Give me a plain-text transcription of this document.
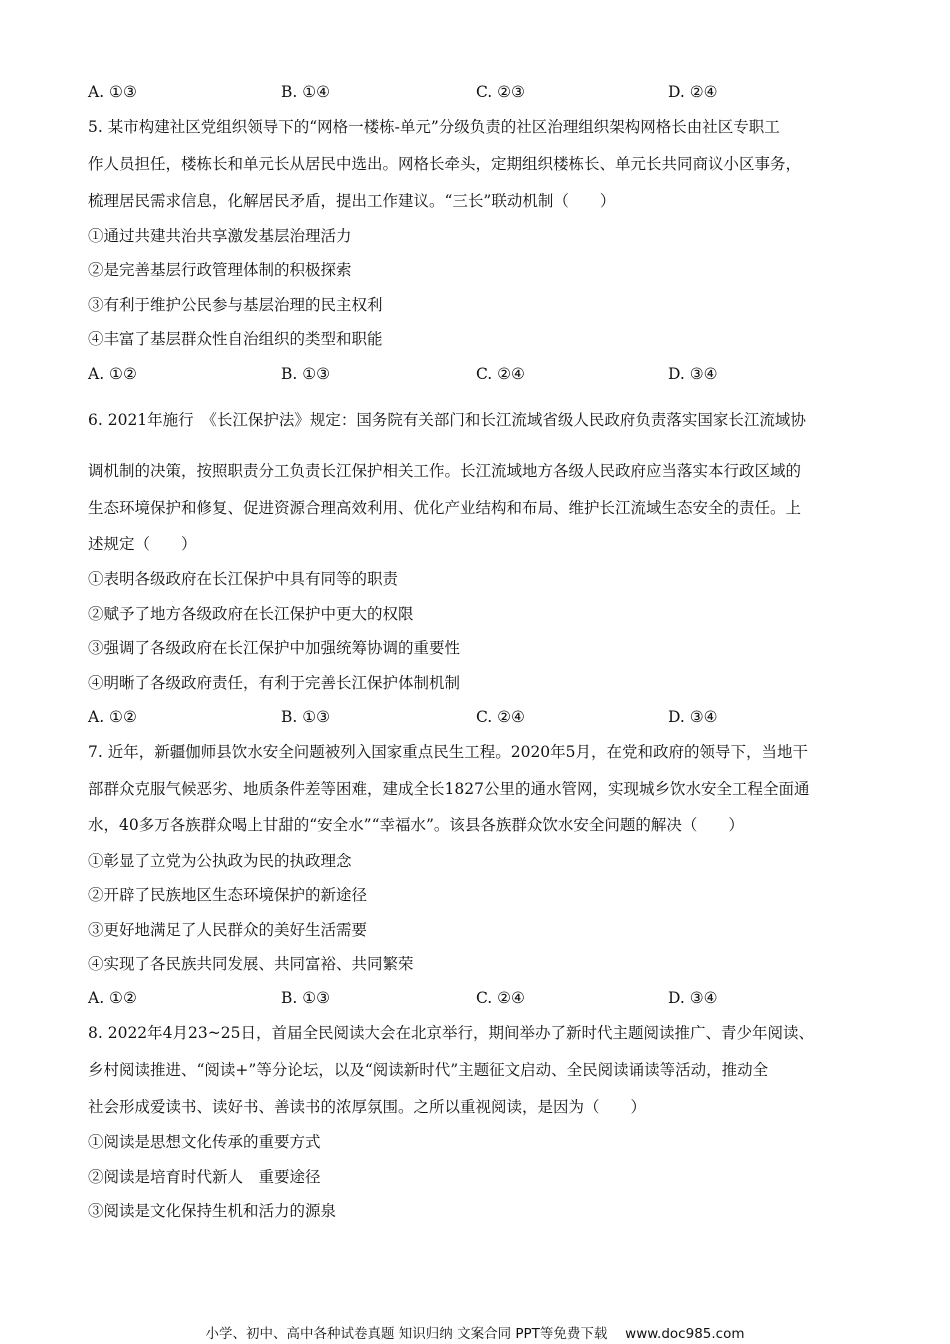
A. ①③	B. ①④	C. ②③	D. ②④
5. 某市构建社区党组织领导下的“网格一楼栋-单元”分级负责的社区治理组织架构网格长由社区专职工
作人员担任，楼栋长和单元长从居民中选出。网格长牵头，定期组织楼栋长、单元长共同商议小区事务，
梳理居民需求信息，化解居民矛盾，提出工作建议。“三长”联动机制（　　）
①通过共建共治共享激发基层治理活力
②是完善基层行政管理体制的积极探索
③有利于维护公民参与基层治理的民主权利
④丰富了基层群众性自治组织的类型和职能
A. ①②	B. ①③	C. ②④	D. ③④
6. 2021年施行　《长江保护法》规定：国务院有关部门和长江流域省级人民政府负责落实国家长江流域协
调机制的决策，按照职责分工负责长江保护相关工作。长江流域地方各级人民政府应当落实本行政区域的
生态环境保护和修复、促进资源合理高效利用、优化产业结构和布局、维护长江流域生态安全的责任。上
述规定（　　）
①表明各级政府在长江保护中具有同等的职责
②赋予了地方各级政府在长江保护中更大的权限
③强调了各级政府在长江保护中加强统筹协调的重要性
④明晰了各级政府责任，有利于完善长江保护体制机制
A. ①②	B. ①③	C. ②④	D. ③④
7. 近年，新疆伽师县饮水安全问题被列入国家重点民生工程。2020年5月，在党和政府的领导下，当地干
部群众克服气候恶劣、地质条件差等困难，建成全长1827公里的通水管网，实现城乡饮水安全工程全面通
水，40多万各族群众喝上甘甜的“安全水”“幸福水”。该县各族群众饮水安全问题的解决（　　）
①彰显了立党为公执政为民的执政理念
②开辟了民族地区生态环境保护的新途径
③更好地满足了人民群众的美好生活需要
④实现了各民族共同发展、共同富裕、共同繁荣
A. ①②	B. ①③	C. ②④	D. ③④
8. 2022年4月23~25日，首届全民阅读大会在北京举行，期间举办了新时代主题阅读推广、青少年阅读、
乡村阅读推进、“阅读+”等分论坛，以及“阅读新时代”主题征文启动、全民阅读诵读等活动，推动全
社会形成爱读书、读好书、善读书的浓厚氛围。之所以重视阅读，是因为（　　）
①阅读是思想文化传承的重要方式
②阅读是培育时代新人　重要途径
③阅读是文化保持生机和活力的源泉
小学、初中、高中各种试卷真题 知识归纳 文案合同 PPT等免费下载　 www.doc985.com
